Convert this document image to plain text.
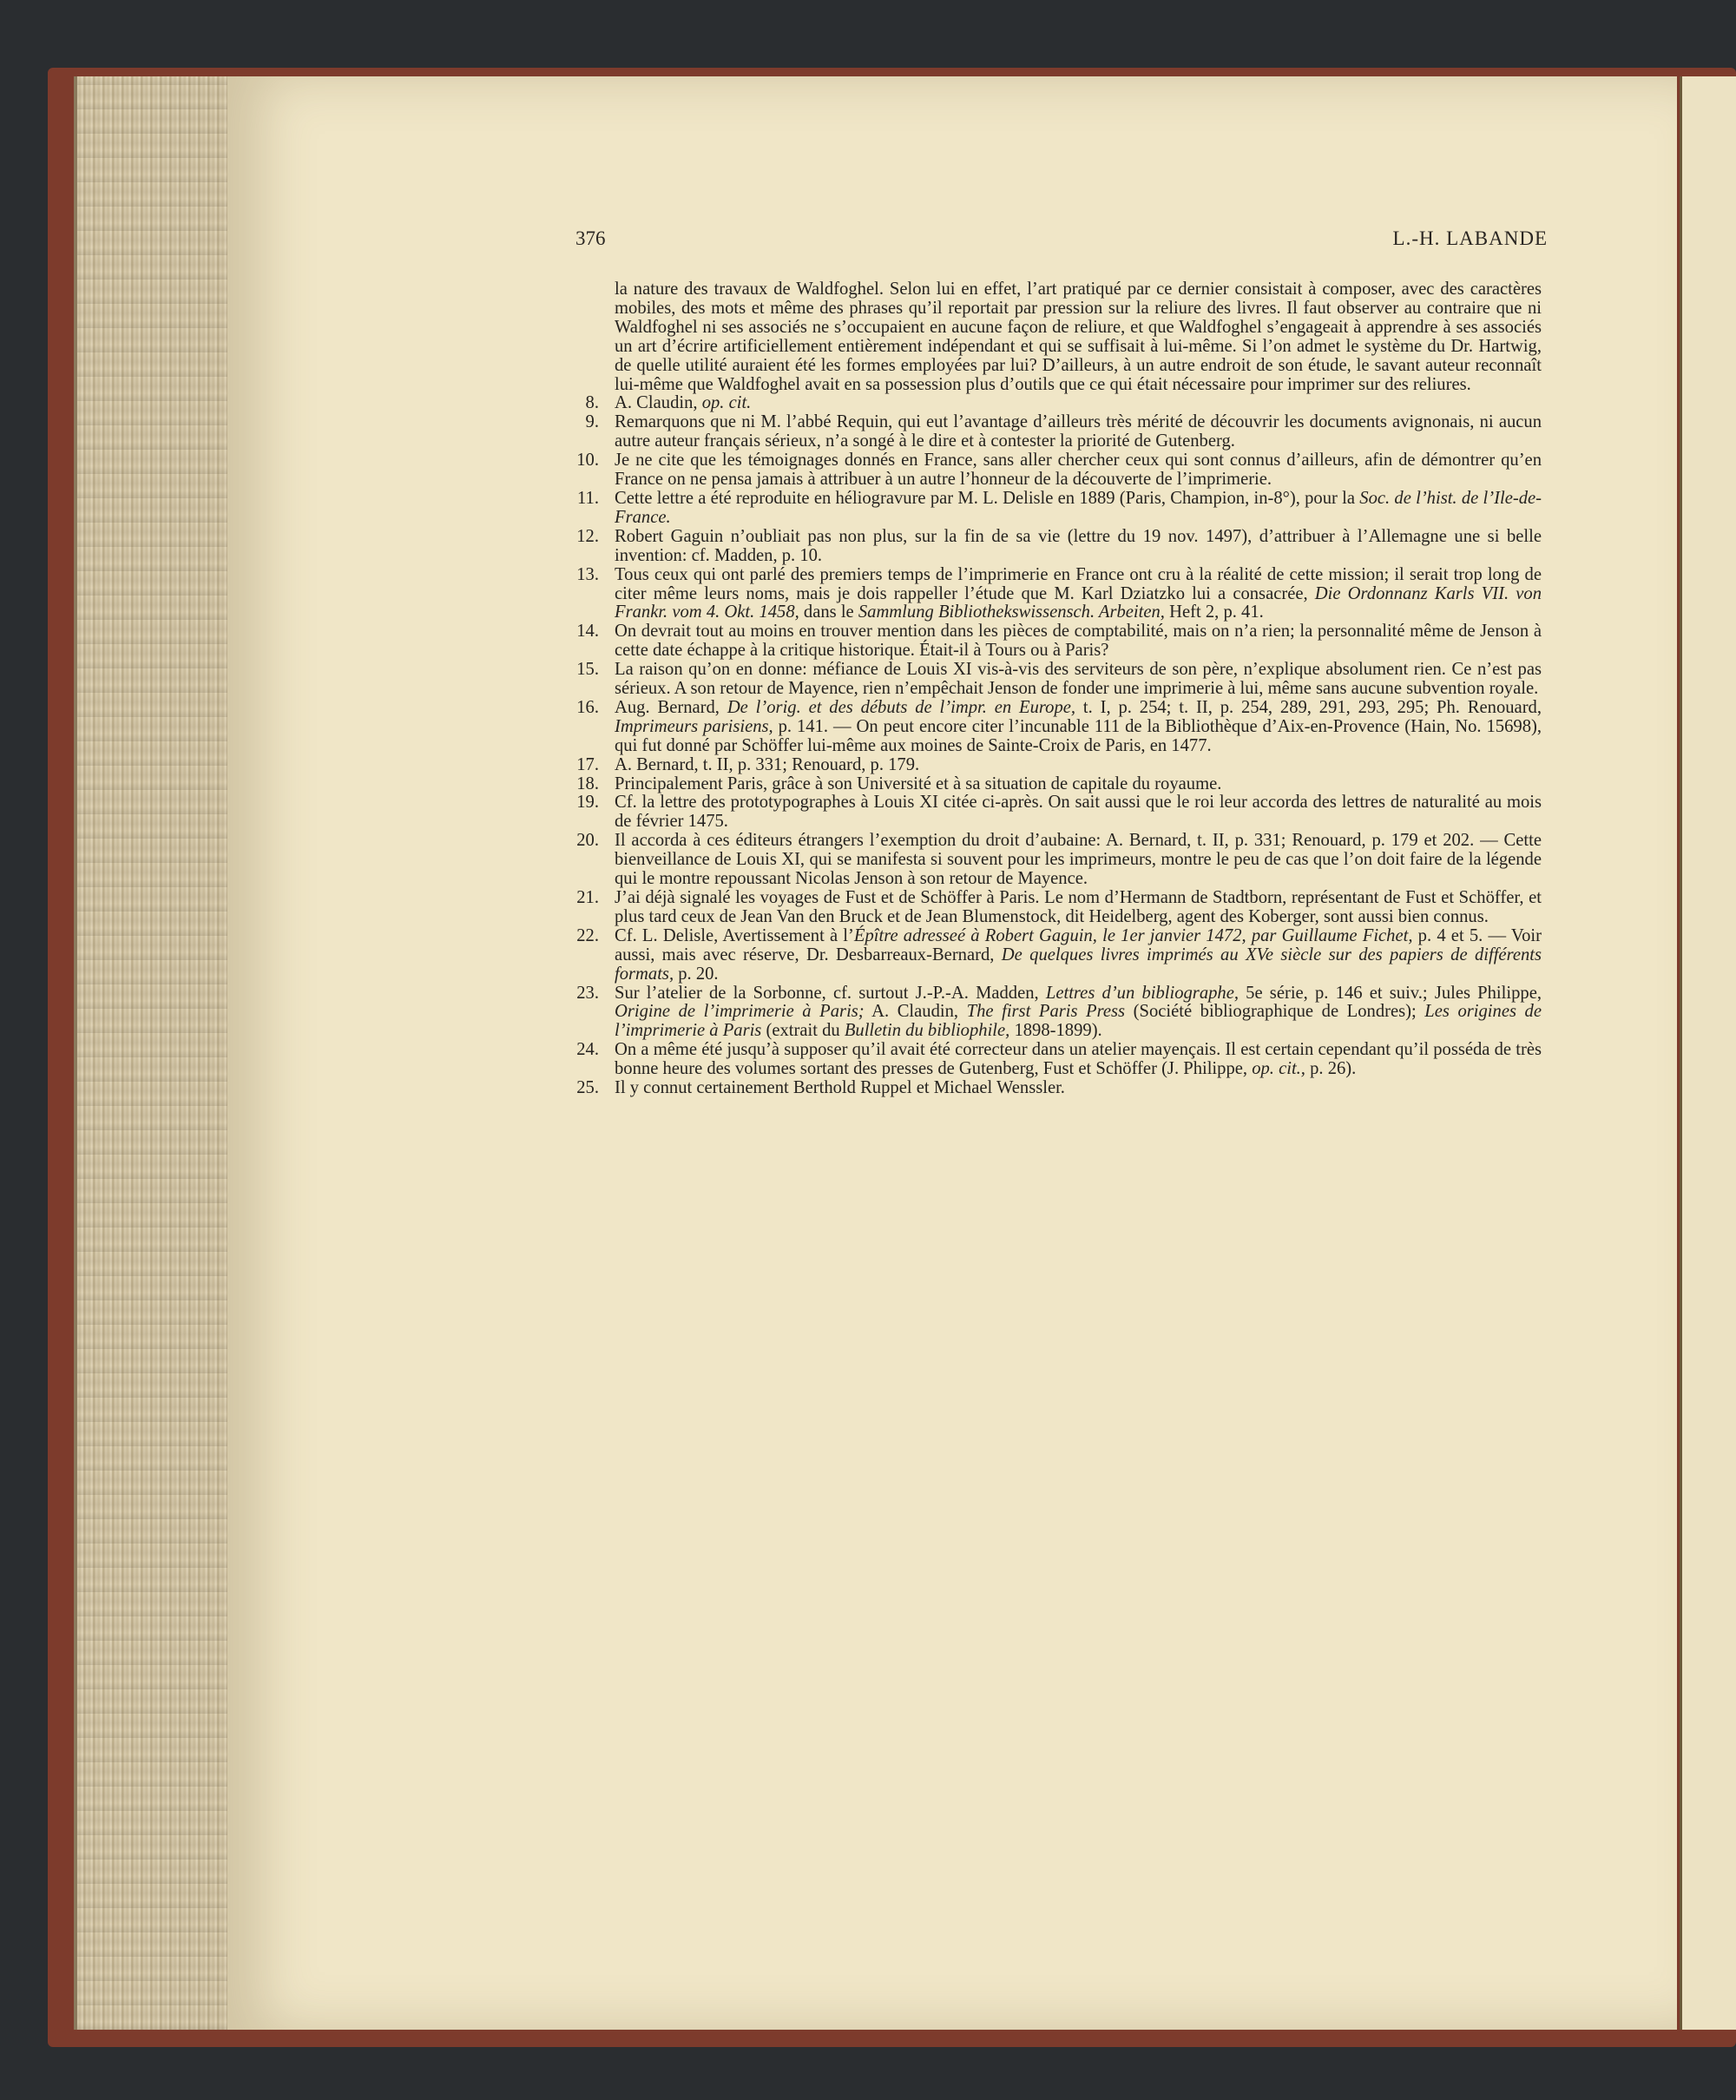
376	L.-H. LABANDE
la nature des travaux de Waldfoghel. Selon lui en effet, l’art pratiqué par ce dernier consistait à composer, avec des caractères mobiles, des mots et même des phrases qu’il reportait par pression sur la reliure des livres. Il faut observer au contraire que ni Waldfoghel ni ses associés ne s’occupaient en aucune façon de reliure, et que Waldfoghel s’engageait à apprendre à ses associés un art d’écrire artificiellement entièrement indépendant et qui se suffisait à lui-même. Si l’on admet le système du Dr. Hartwig, de quelle utilité auraient été les formes employées par lui? D’ailleurs, à un autre endroit de son étude, le savant auteur reconnaît lui-même que Waldfoghel avait en sa possession plus d’outils que ce qui était nécessaire pour imprimer sur des reliures.
8. A. Claudin, op. cit.
9. Remarquons que ni M. l’abbé Requin, qui eut l’avantage d’ailleurs très mérité de découvrir les documents avignonais, ni aucun autre auteur français sérieux, n’a songé à le dire et à contester la priorité de Gutenberg.
10. Je ne cite que les témoignages donnés en France, sans aller chercher ceux qui sont connus d’ailleurs, afin de démontrer qu’en France on ne pensa jamais à attribuer à un autre l’honneur de la découverte de l’imprimerie.
11. Cette lettre a été reproduite en héliogravure par M. L. Delisle en 1889 (Paris, Champion, in-8°), pour la Soc. de l’hist. de l’Ile-de-France.
12. Robert Gaguin n’oubliait pas non plus, sur la fin de sa vie (lettre du 19 nov. 1497), d’attribuer à l’Allemagne une si belle invention: cf. Madden, p. 10.
13. Tous ceux qui ont parlé des premiers temps de l’imprimerie en France ont cru à la réalité de cette mission; il serait trop long de citer même leurs noms, mais je dois rappeller l’étude que M. Karl Dziatzko lui a consacrée, Die Ordonnanz Karls VII. von Frankr. vom 4. Okt. 1458, dans le Sammlung Bibliothekswissensch. Arbeiten, Heft 2, p. 41.
14. On devrait tout au moins en trouver mention dans les pièces de comptabilité, mais on n’a rien; la personnalité même de Jenson à cette date échappe à la critique historique. Était-il à Tours ou à Paris?
15. La raison qu’on en donne: méfiance de Louis XI vis-à-vis des serviteurs de son père, n’explique absolument rien. Ce n’est pas sérieux. A son retour de Mayence, rien n’empêchait Jenson de fonder une imprimerie à lui, même sans aucune subvention royale.
16. Aug. Bernard, De l’orig. et des débuts de l’impr. en Europe, t. I, p. 254; t. II, p. 254, 289, 291, 293, 295; Ph. Renouard, Imprimeurs parisiens, p. 141. — On peut encore citer l’incunable 111 de la Bibliothèque d’Aix-en-Provence (Hain, No. 15698), qui fut donné par Schöffer lui-même aux moines de Sainte-Croix de Paris, en 1477.
17. A. Bernard, t. II, p. 331; Renouard, p. 179.
18. Principalement Paris, grâce à son Université et à sa situation de capitale du royaume.
19. Cf. la lettre des prototypographes à Louis XI citée ci-après. On sait aussi que le roi leur accorda des lettres de naturalité au mois de février 1475.
20. Il accorda à ces éditeurs étrangers l’exemption du droit d’aubaine: A. Bernard, t. II, p. 331; Renouard, p. 179 et 202. — Cette bienveillance de Louis XI, qui se manifesta si souvent pour les imprimeurs, montre le peu de cas que l’on doit faire de la légende qui le montre repoussant Nicolas Jenson à son retour de Mayence.
21. J’ai déjà signalé les voyages de Fust et de Schöffer à Paris. Le nom d’Hermann de Stadtborn, représentant de Fust et Schöffer, et plus tard ceux de Jean Van den Bruck et de Jean Blumenstock, dit Heidelberg, agent des Koberger, sont aussi bien connus.
22. Cf. L. Delisle, Avertissement à l’Épître adresseé à Robert Gaguin, le 1er janvier 1472, par Guillaume Fichet, p. 4 et 5. — Voir aussi, mais avec réserve, Dr. Desbarreaux-Bernard, De quelques livres imprimés au XVe siècle sur des papiers de différents formats, p. 20.
23. Sur l’atelier de la Sorbonne, cf. surtout J.-P.-A. Madden, Lettres d’un bibliographe, 5e série, p. 146 et suiv.; Jules Philippe, Origine de l’imprimerie à Paris; A. Claudin, The first Paris Press (Société bibliographique de Londres); Les origines de l’imprimerie à Paris (extrait du Bulletin du bibliophile, 1898-1899).
24. On a même été jusqu’à supposer qu’il avait été correcteur dans un atelier mayençais. Il est certain cependant qu’il posséda de très bonne heure des volumes sortant des presses de Gutenberg, Fust et Schöffer (J. Philippe, op. cit., p. 26).
25. Il y connut certainement Berthold Ruppel et Michael Wenssler.
